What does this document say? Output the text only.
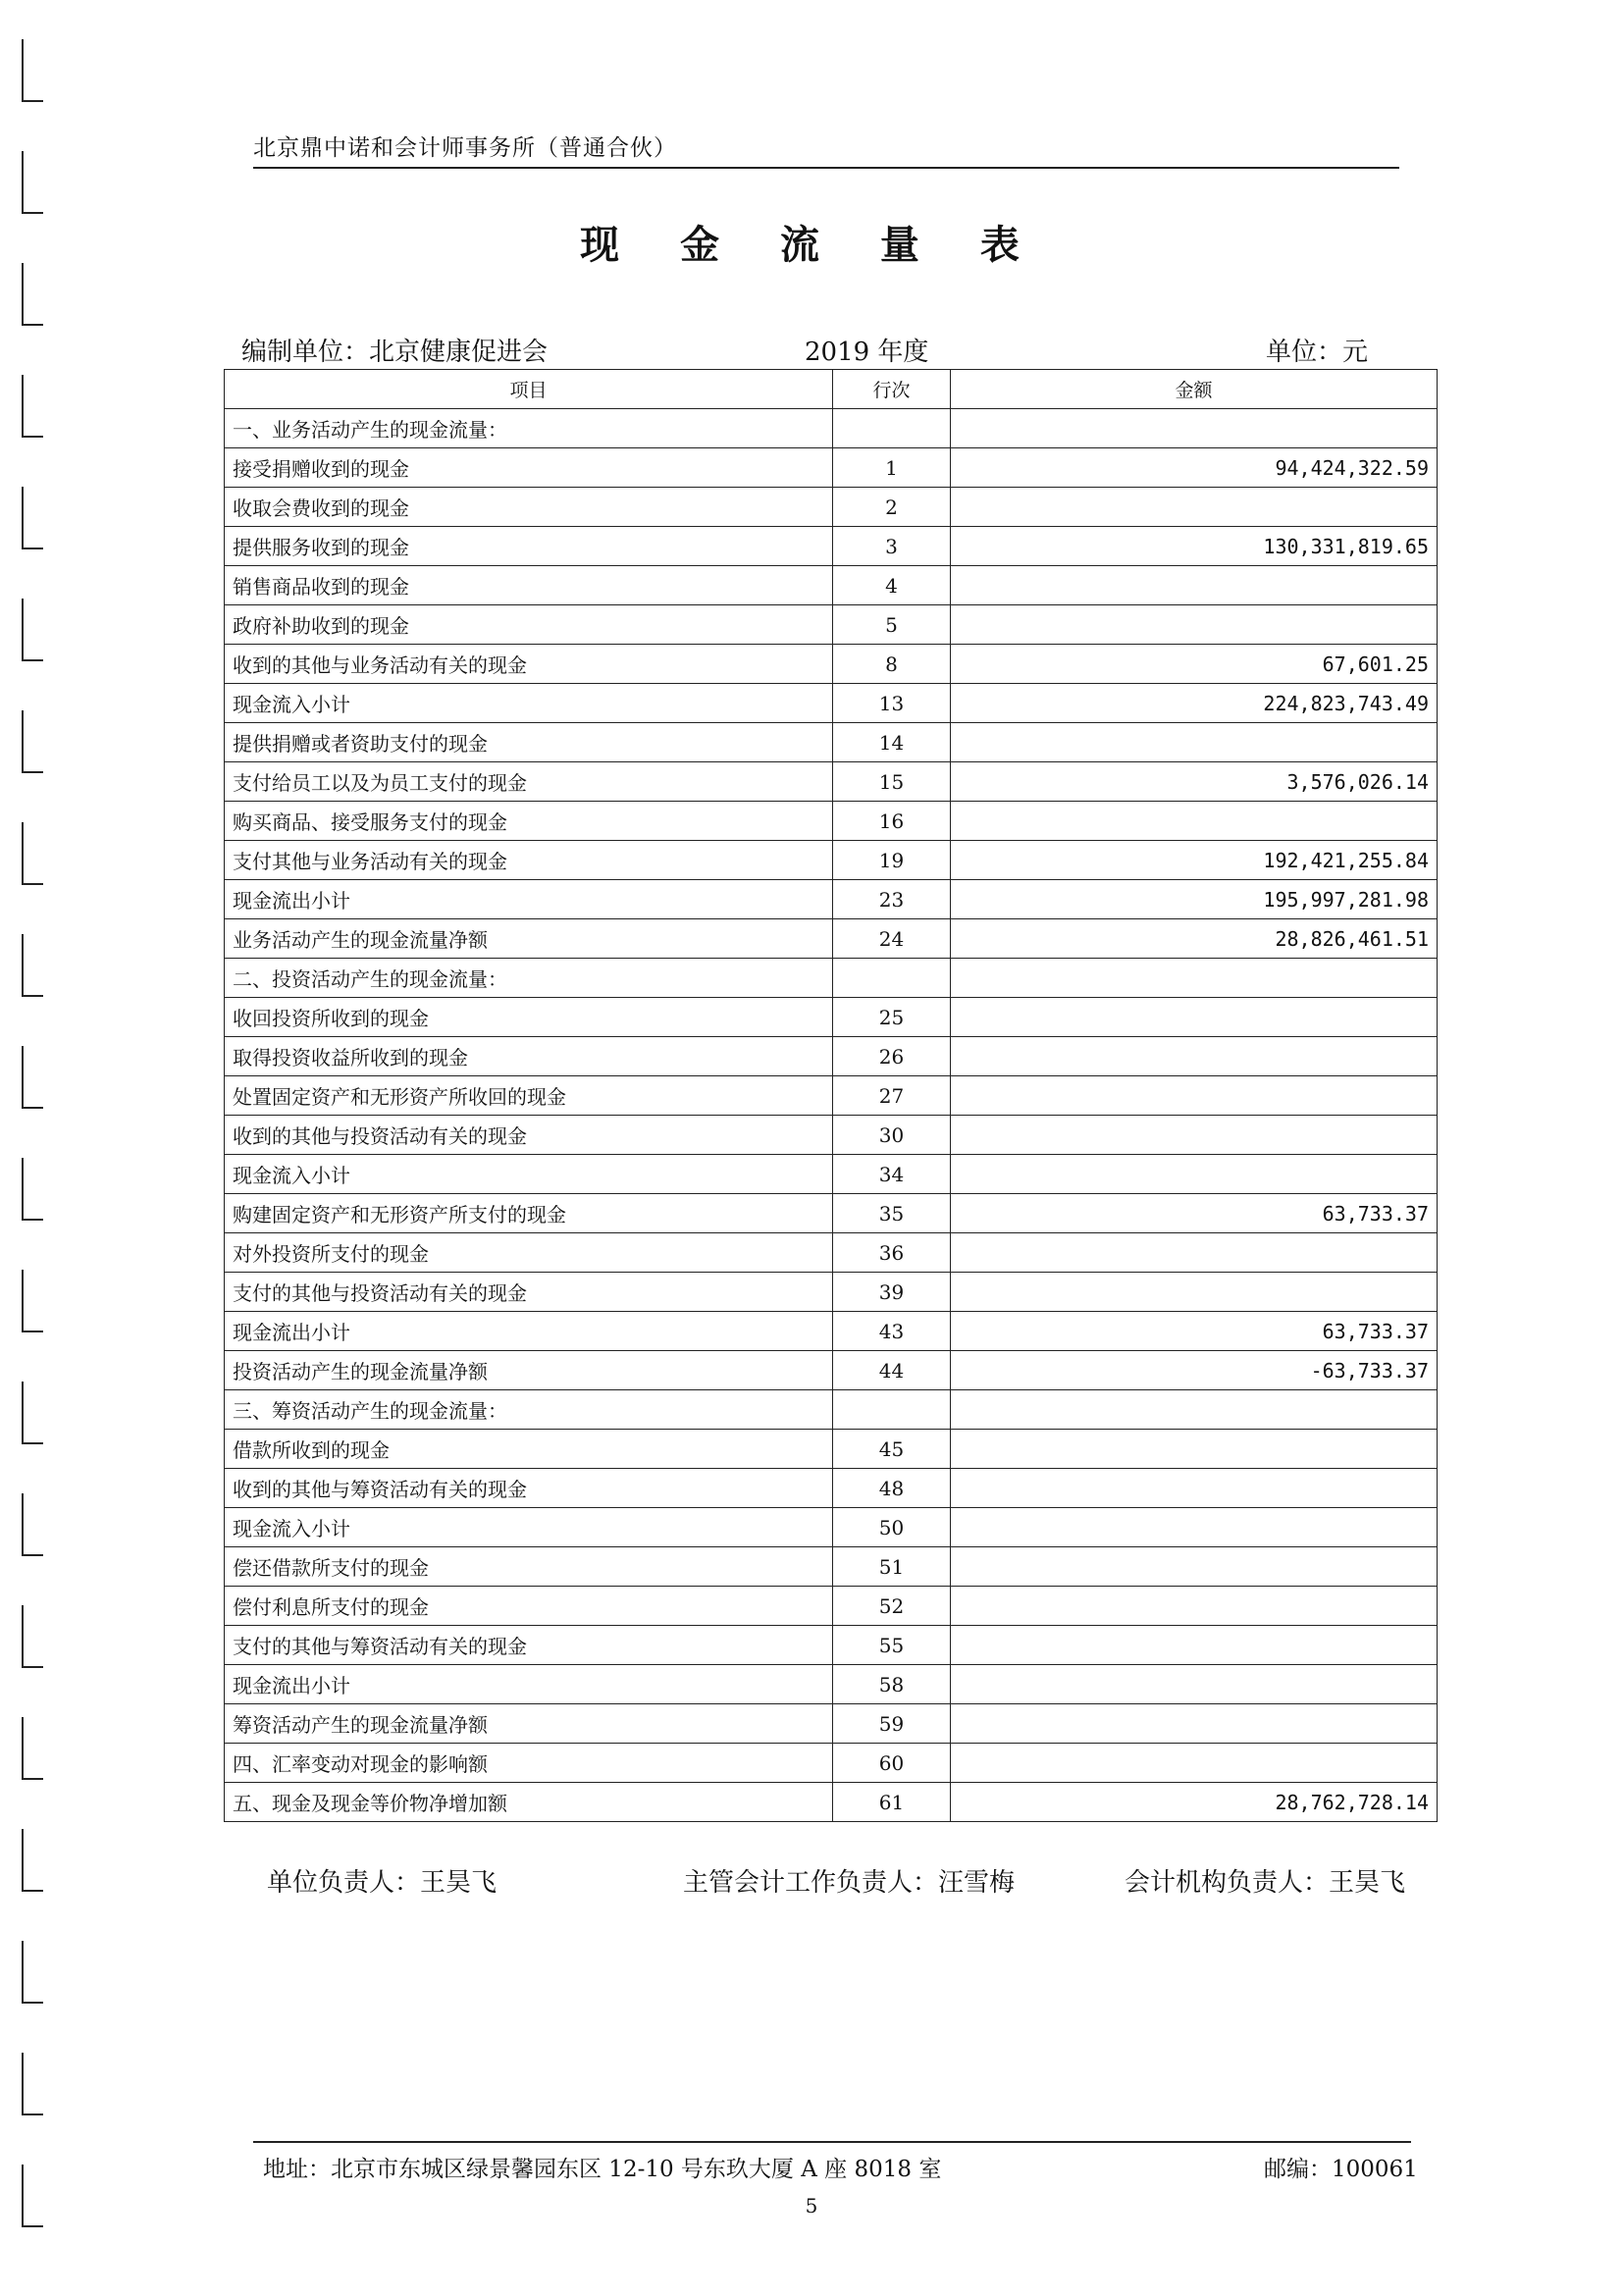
北京鼎中诺和会计师事务所（普通合伙）
现 金 流 量 表
编制单位：北京健康促进会	2019 年度	单位：元
项目	行次	金额
一、业务活动产生的现金流量：		
接受捐赠收到的现金	1	94,424,322.59
收取会费收到的现金	2	
提供服务收到的现金	3	130,331,819.65
销售商品收到的现金	4	
政府补助收到的现金	5	
收到的其他与业务活动有关的现金	8	67,601.25
现金流入小计	13	224,823,743.49
提供捐赠或者资助支付的现金	14	
支付给员工以及为员工支付的现金	15	3,576,026.14
购买商品、接受服务支付的现金	16	
支付其他与业务活动有关的现金	19	192,421,255.84
现金流出小计	23	195,997,281.98
业务活动产生的现金流量净额	24	28,826,461.51
二、投资活动产生的现金流量：		
收回投资所收到的现金	25	
取得投资收益所收到的现金	26	
处置固定资产和无形资产所收回的现金	27	
收到的其他与投资活动有关的现金	30	
现金流入小计	34	
购建固定资产和无形资产所支付的现金	35	63,733.37
对外投资所支付的现金	36	
支付的其他与投资活动有关的现金	39	
现金流出小计	43	63,733.37
投资活动产生的现金流量净额	44	-63,733.37
三、筹资活动产生的现金流量：		
借款所收到的现金	45	
收到的其他与筹资活动有关的现金	48	
现金流入小计	50	
偿还借款所支付的现金	51	
偿付利息所支付的现金	52	
支付的其他与筹资活动有关的现金	55	
现金流出小计	58	
筹资活动产生的现金流量净额	59	
四、汇率变动对现金的影响额	60	
五、现金及现金等价物净增加额	61	28,762,728.14
单位负责人：王昊飞	主管会计工作负责人：汪雪梅	会计机构负责人：王昊飞
地址：北京市东城区绿景馨园东区 12-10 号东玖大厦 A 座 8018 室	邮编：100061
5
